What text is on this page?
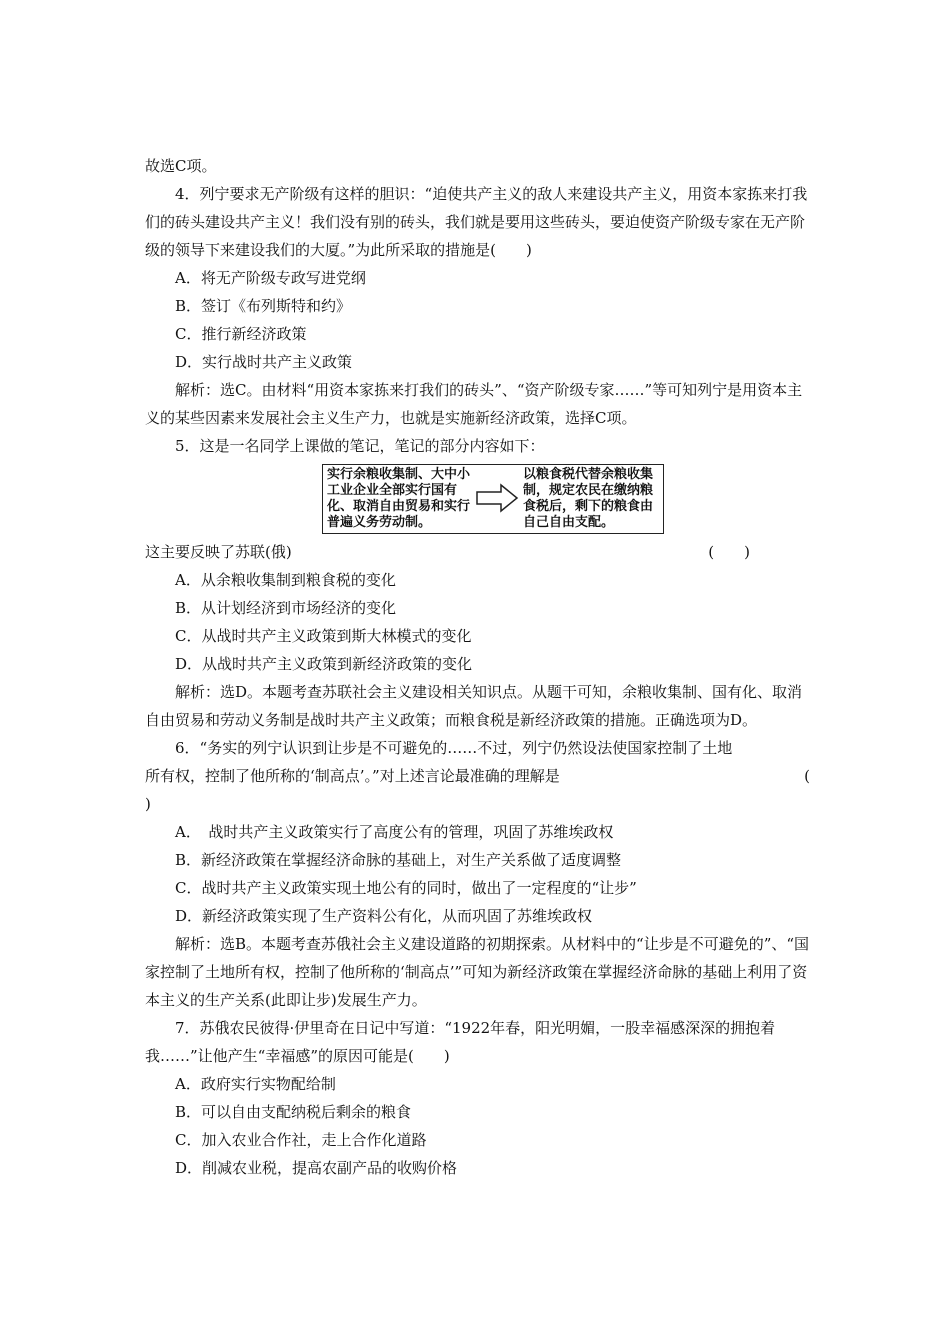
故选C项。
4．列宁要求无产阶级有这样的胆识：“迫使共产主义的敌人来建设共产主义，用资本家拣来打我们的砖头建设共产主义！我们没有别的砖头，我们就是要用这些砖头，要迫使资产阶级专家在无产阶级的领导下来建设我们的大厦。”为此所采取的措施是(　　)
A．将无产阶级专政写进党纲
B．签订《布列斯特和约》
C．推行新经济政策
D．实行战时共产主义政策
解析：选C。由材料“用资本家拣来打我们的砖头”、“资产阶级专家……”等可知列宁是用资本主义的某些因素来发展社会主义生产力，也就是实施新经济政策，选择C项。
5．这是一名同学上课做的笔记，笔记的部分内容如下：
实行余粮收集制、大中小工业企业全部实行国有化、取消自由贸易和实行普遍义务劳动制。
以粮食税代替余粮收集制，规定农民在缴纳粮食税后，剩下的粮食由自己自由支配。
这主要反映了苏联(俄)	(　　)
A．从余粮收集制到粮食税的变化
B．从计划经济到市场经济的变化
C．从战时共产主义政策到斯大林模式的变化
D．从战时共产主义政策到新经济政策的变化
解析：选D。本题考查苏联社会主义建设相关知识点。从题干可知，余粮收集制、国有化、取消自由贸易和劳动义务制是战时共产主义政策；而粮食税是新经济政策的措施。正确选项为D。
6．“务实的列宁认识到让步是不可避免的……不过，列宁仍然设法使国家控制了土地
所有权，控制了他所称的‘制高点’。”对上述言论最准确的理解是	(
)
A．　战时共产主义政策实行了高度公有的管理，巩固了苏维埃政权
B．新经济政策在掌握经济命脉的基础上，对生产关系做了适度调整
C．战时共产主义政策实现土地公有的同时，做出了一定程度的“让步”
D．新经济政策实现了生产资料公有化，从而巩固了苏维埃政权
解析：选B。本题考查苏俄社会主义建设道路的初期探索。从材料中的“让步是不可避免的”、“国家控制了土地所有权，控制了他所称的‘制高点’”可知为新经济政策在掌握经济命脉的基础上利用了资本主义的生产关系(此即让步)发展生产力。
7．苏俄农民彼得·伊里奇在日记中写道：“1922年春，阳光明媚，一股幸福感深深的拥抱着我……”让他产生“幸福感”的原因可能是(　　)
A．政府实行实物配给制
B．可以自由支配纳税后剩余的粮食
C．加入农业合作社，走上合作化道路
D．削减农业税，提高农副产品的收购价格
